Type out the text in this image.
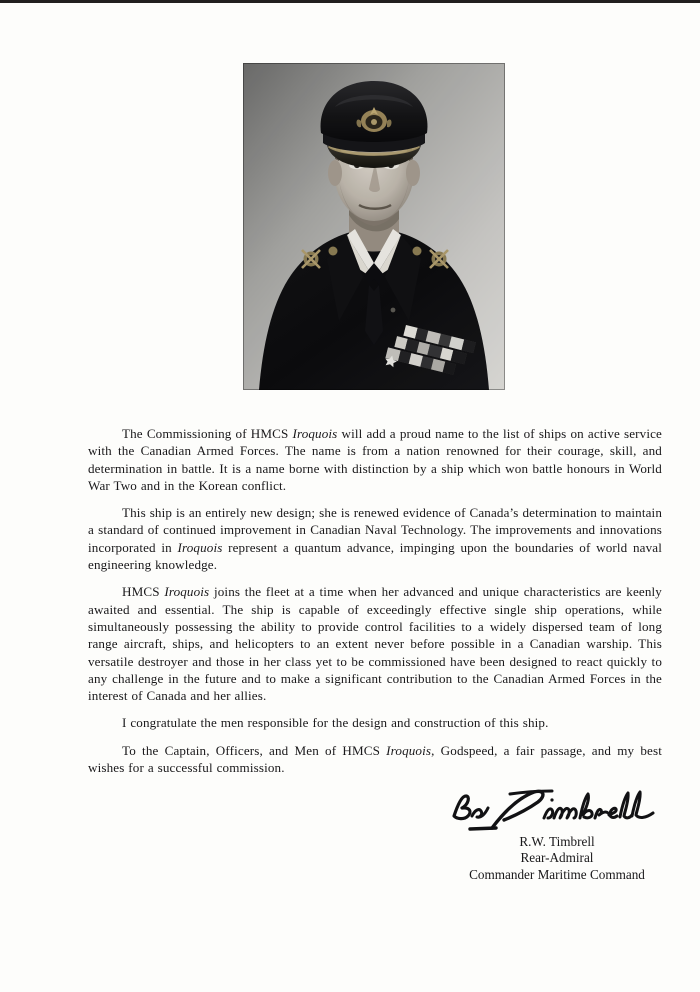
The Commissioning of HMCS Iroquois will add a proud name to the list of ships on active service with the Canadian Armed Forces. The name is from a nation renowned for their courage, skill, and determination in battle. It is a name borne with distinction by a ship which won battle honours in World War Two and in the Korean conflict.

This ship is an entirely new design; she is renewed evidence of Canada’s determination to maintain a standard of continued improvement in Canadian Naval Technology. The improvements and innovations incorporated in Iroquois represent a quantum advance, impinging upon the boundaries of world naval engineering knowledge.

HMCS Iroquois joins the fleet at a time when her advanced and unique characteristics are keenly awaited and essential. The ship is capable of exceedingly effective single ship operations, while simultaneously possessing the ability to provide control facilities to a widely dispersed team of long range aircraft, ships, and helicopters to an extent never before possible in a Canadian warship. This versatile destroyer and those in her class yet to be commissioned have been designed to react quickly to any challenge in the future and to make a significant contribution to the Canadian Armed Forces in the interest of Canada and her allies.

I congratulate the men responsible for the design and construction of this ship.

To the Captain, Officers, and Men of HMCS Iroquois, Godspeed, a fair passage, and my best wishes for a successful commission.

R.W. Timbrell
Rear-Admiral
Commander Maritime Command
